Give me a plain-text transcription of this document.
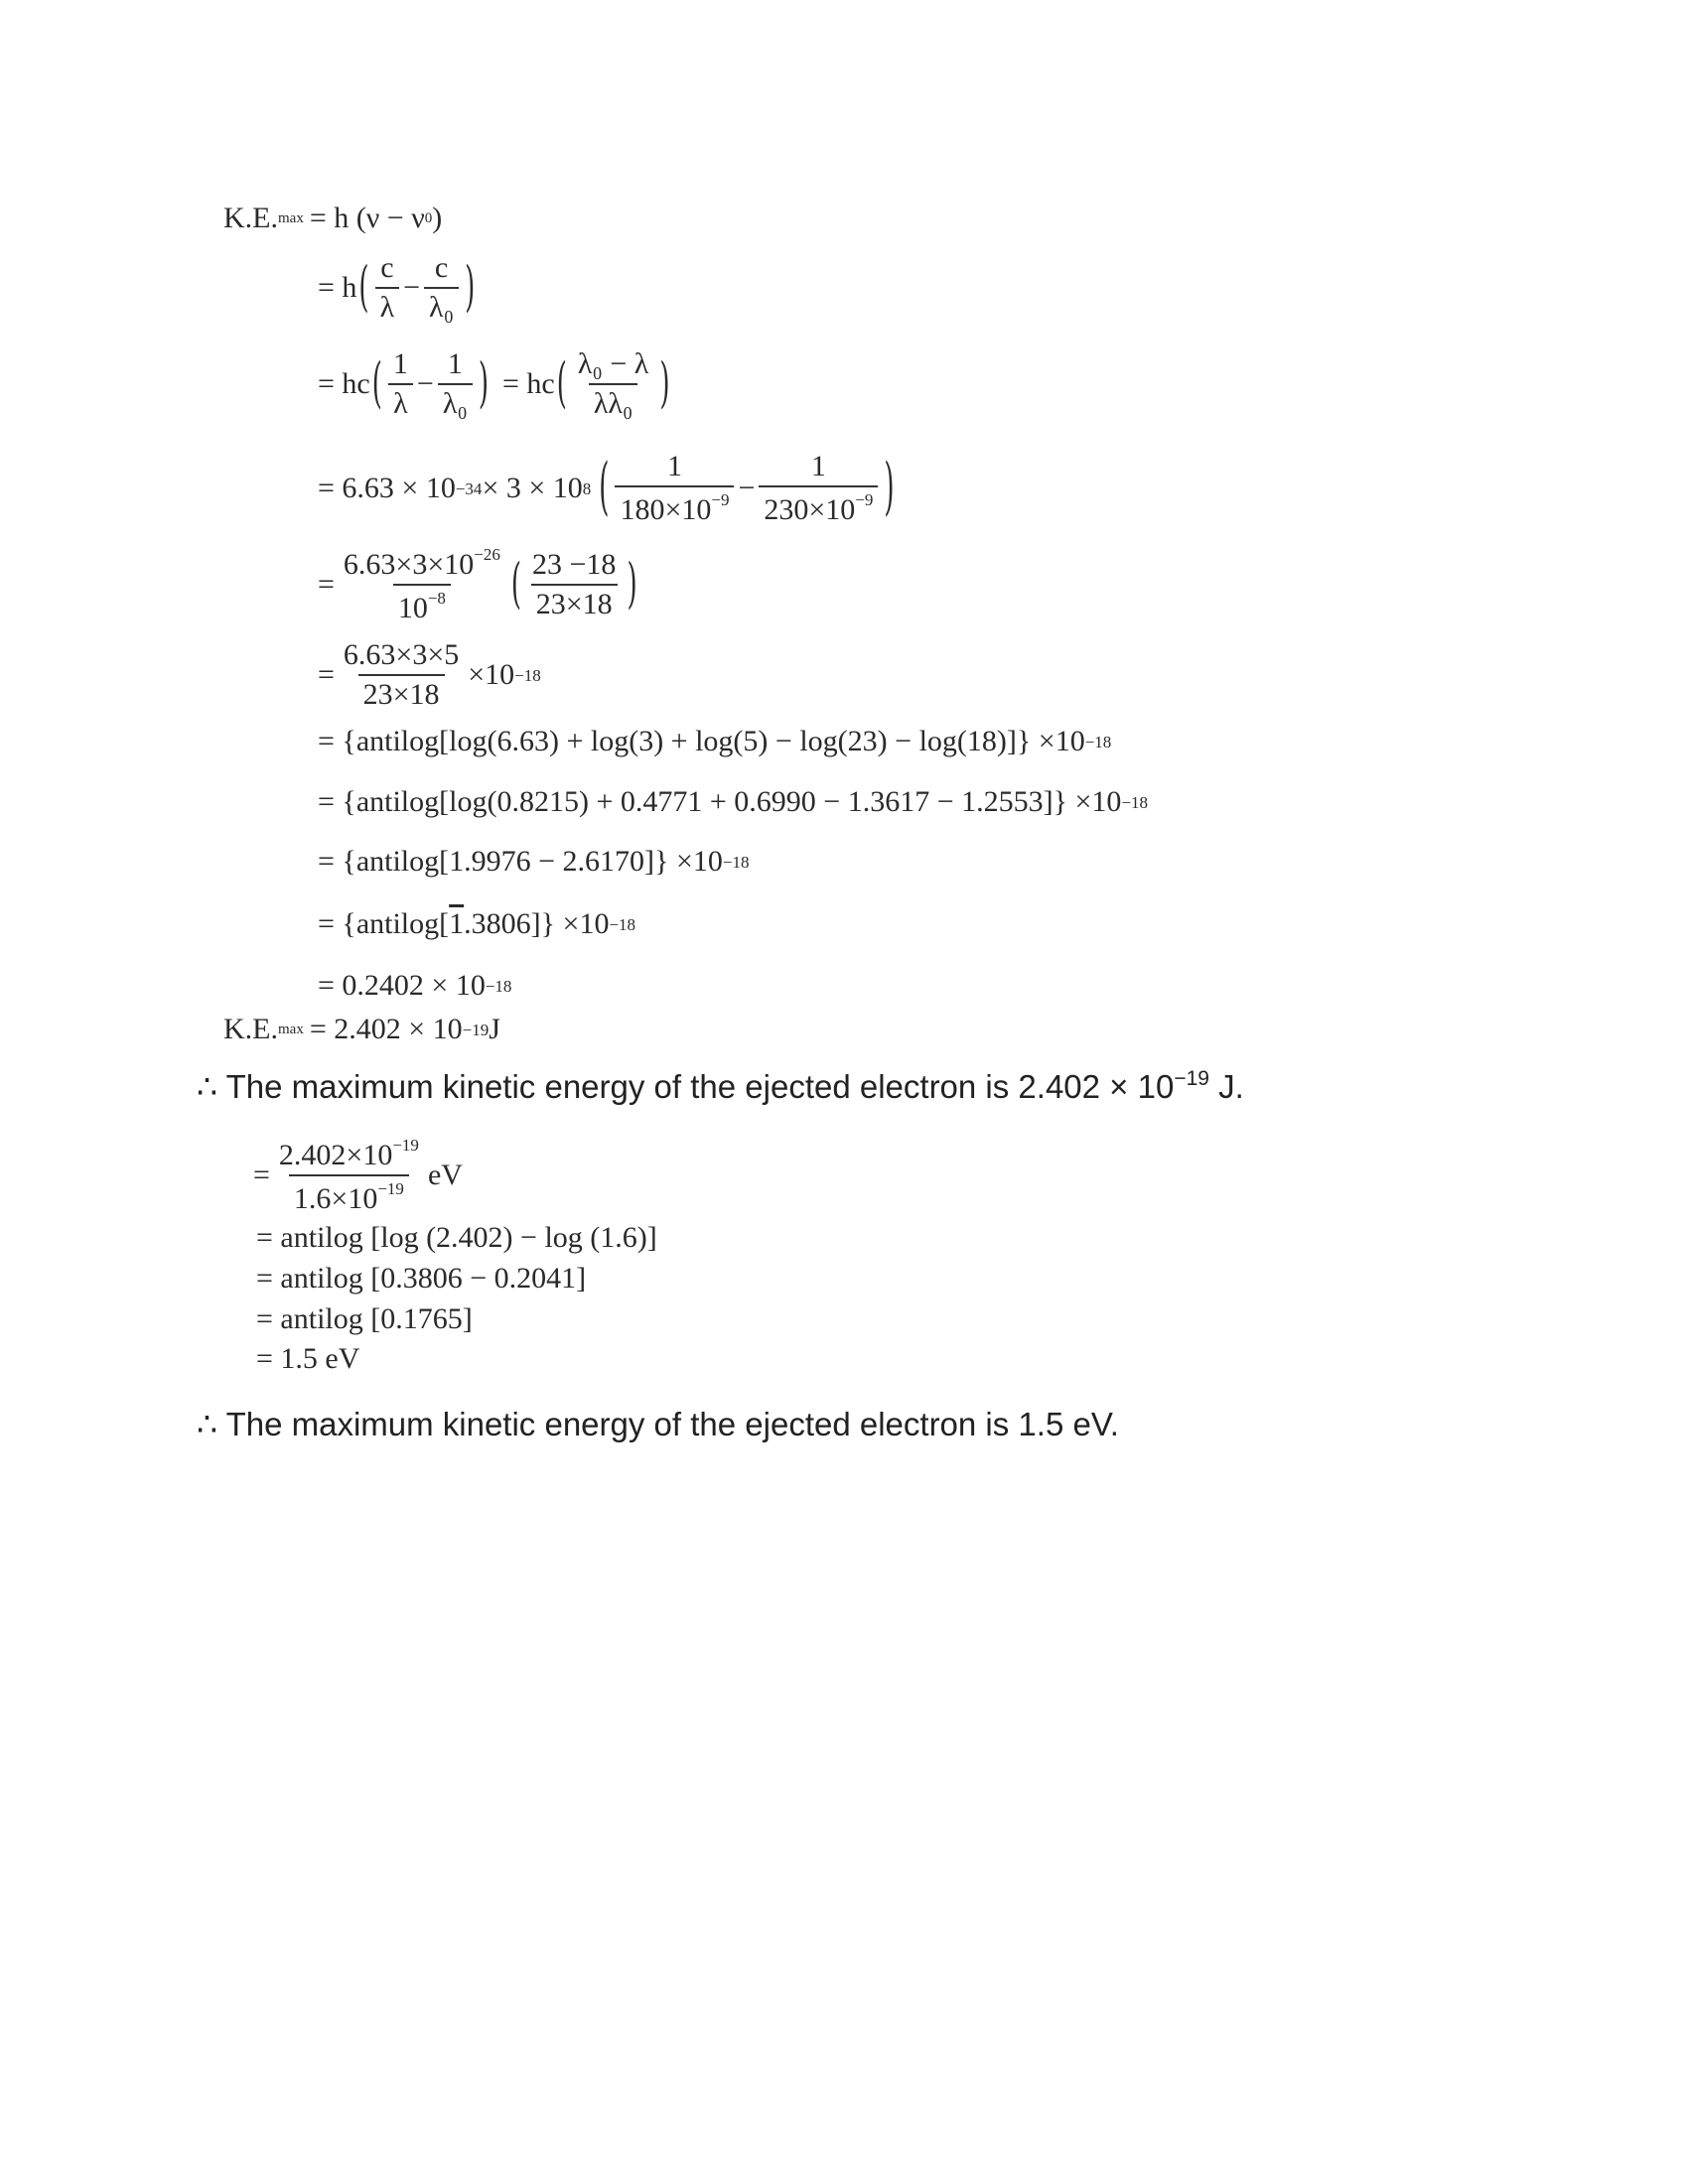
K.E. max = h (ν − ν 0 )
= h ( $\frac{c}{\lambda} - \frac{c}{\text{λ₀}}$ )
= hc ( $\frac{1}{\lambda} - \frac{1}{\text{λ₀}}$ ) = hc ( $\frac{\text{λ₀ − λ}}{\text{λλ₀}}$ )
= 6.63 × 10 −34 × 3 × 10 8 ( $\frac{1}{180\times 10^{-9}} - \frac{1}{230\times 10^{-9}}$ )
= $\frac{6.63\times 3\times 10^{-26}}{10^{-8}}$ ( $\frac{23 -18}{23\times 18}$ )
= $\frac{6.63\times 3\times 5}{23\times 18} \times 10 -18$
= {antilog[log(6.63) + log(3) + log(5) − log(23) − log(18)]} ×10 −18
= {antilog[log(0.8215) + 0.4771 + 0.6990 − 1.3617 − 1.2553]} ×10 −18
= {antilog[1.9976 − 2.6170]} ×10 −18
= {antilog[ 1 .3806]} ×10 −18
= 0.2402 × 10 −18
K.E. max = 2.402 × 10 −19 J
∴ The maximum kinetic energy of the ejected electron is $2.402 \times 10^{-19}$ J.
= $\frac{2.402\times 10^{-19}}{1.6\times 10^{-19}}$ eV
= antilog [log (2.402) − log (1.6)]
= antilog [0.3806 − 0.2041]
= antilog [0.1765]
= 1.5 eV
∴ The maximum kinetic energy of the ejected electron is 1.5 eV.
